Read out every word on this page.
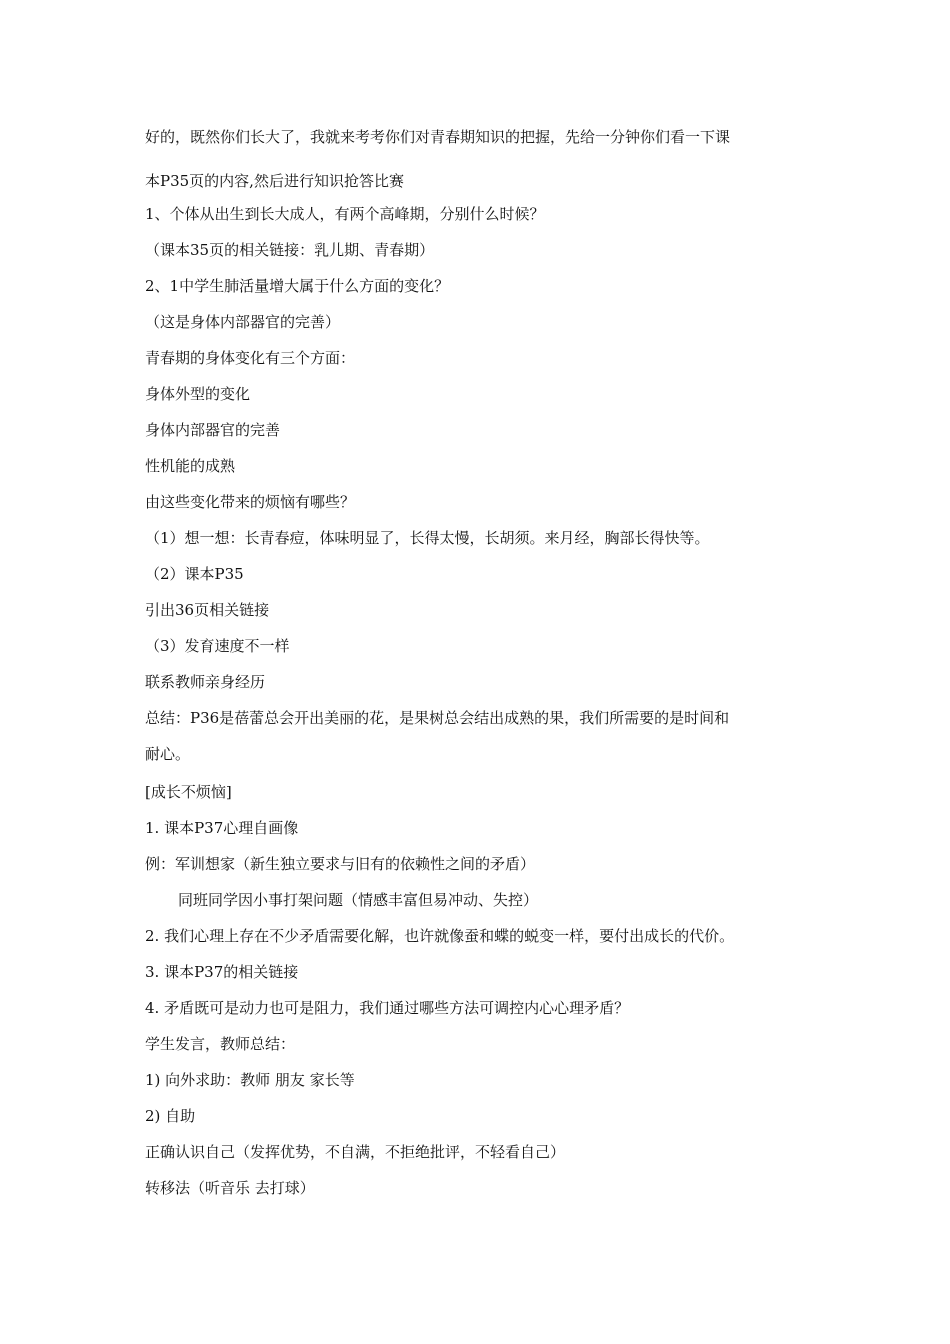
好的，既然你们长大了，我就来考考你们对青春期知识的把握，先给一分钟你们看一下课
本P35页的内容,然后进行知识抢答比赛
1、个体从出生到长大成人，有两个高峰期，分别什么时候？
（课本35页的相关链接：乳儿期、青春期）
2、1中学生肺活量增大属于什么方面的变化？
（这是身体内部器官的完善）
青春期的身体变化有三个方面：
身体外型的变化
身体内部器官的完善
性机能的成熟
由这些变化带来的烦恼有哪些？
（1）想一想：长青春痘，体味明显了，长得太慢，长胡须。来月经，胸部长得快等。
（2）课本P35
引出36页相关链接
（3）发育速度不一样
联系教师亲身经历
总结：P36是蓓蕾总会开出美丽的花，是果树总会结出成熟的果，我们所需要的是时间和
耐心。
[成长不烦恼]
1. 课本P37心理自画像
例：军训想家（新生独立要求与旧有的依赖性之间的矛盾）
同班同学因小事打架问题（情感丰富但易冲动、失控）
2. 我们心理上存在不少矛盾需要化解，也许就像蚕和蝶的蜕变一样，要付出成长的代价。
3. 课本P37的相关链接
4. 矛盾既可是动力也可是阻力，我们通过哪些方法可调控内心心理矛盾？
学生发言，教师总结：
1) 向外求助：教师 朋友 家长等
2) 自助
正确认识自己（发挥优势，不自满，不拒绝批评，不轻看自己）
转移法（听音乐 去打球）
